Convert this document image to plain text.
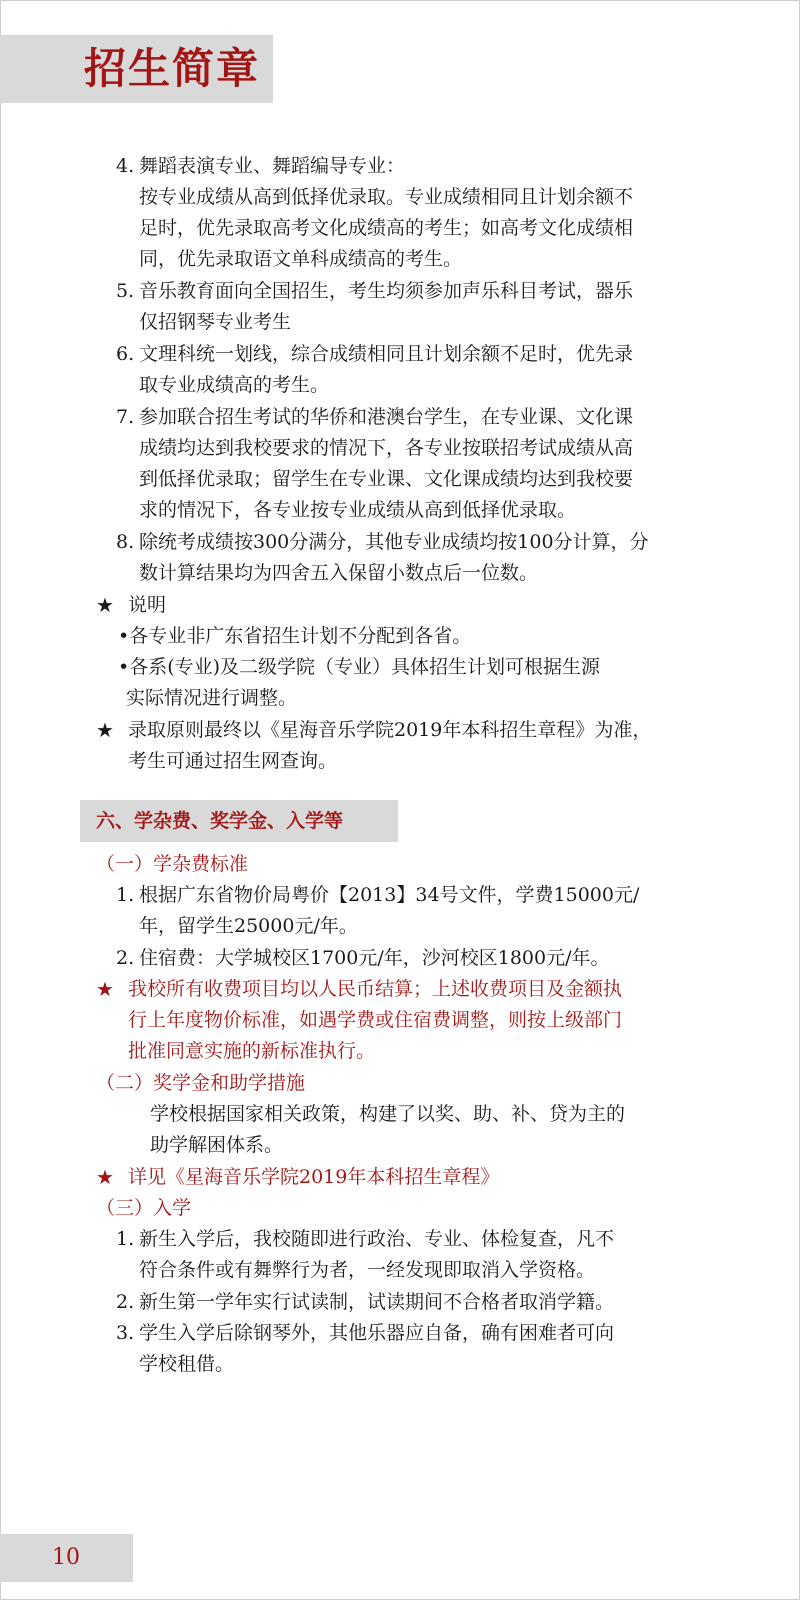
招生简章
4. 舞蹈表演专业、舞蹈编导专业：
按专业成绩从高到低择优录取。专业成绩相同且计划余额不
足时，优先录取高考文化成绩高的考生；如高考文化成绩相
同，优先录取语文单科成绩高的考生。
5. 音乐教育面向全国招生，考生均须参加声乐科目考试，器乐
仅招钢琴专业考生
6. 文理科统一划线，综合成绩相同且计划余额不足时，优先录
取专业成绩高的考生。
7. 参加联合招生考试的华侨和港澳台学生，在专业课、文化课
成绩均达到我校要求的情况下，各专业按联招考试成绩从高
到低择优录取；留学生在专业课、文化课成绩均达到我校要
求的情况下，各专业按专业成绩从高到低择优录取。
8. 除统考成绩按300分满分，其他专业成绩均按100分计算，分
数计算结果均为四舍五入保留小数点后一位数。
★ 说明
•各专业非广东省招生计划不分配到各省。
•各系(专业)及二级学院（专业）具体招生计划可根据生源
实际情况进行调整。
★ 录取原则最终以《星海音乐学院2019年本科招生章程》为准，
考生可通过招生网查询。
六、学杂费、奖学金、入学等
（一）学杂费标准
1. 根据广东省物价局粤价【2013】34号文件，学费15000元/
年，留学生25000元/年。
2. 住宿费：大学城校区1700元/年，沙河校区1800元/年。
★ 我校所有收费项目均以人民币结算；上述收费项目及金额执
行上年度物价标准，如遇学费或住宿费调整，则按上级部门
批准同意实施的新标准执行。
（二）奖学金和助学措施
学校根据国家相关政策，构建了以奖、助、补、贷为主的
助学解困体系。
★ 详见《星海音乐学院2019年本科招生章程》
（三）入学
1. 新生入学后，我校随即进行政治、专业、体检复查，凡不
符合条件或有舞弊行为者，一经发现即取消入学资格。
2. 新生第一学年实行试读制，试读期间不合格者取消学籍。
3. 学生入学后除钢琴外，其他乐器应自备，确有困难者可向
学校租借。
10
